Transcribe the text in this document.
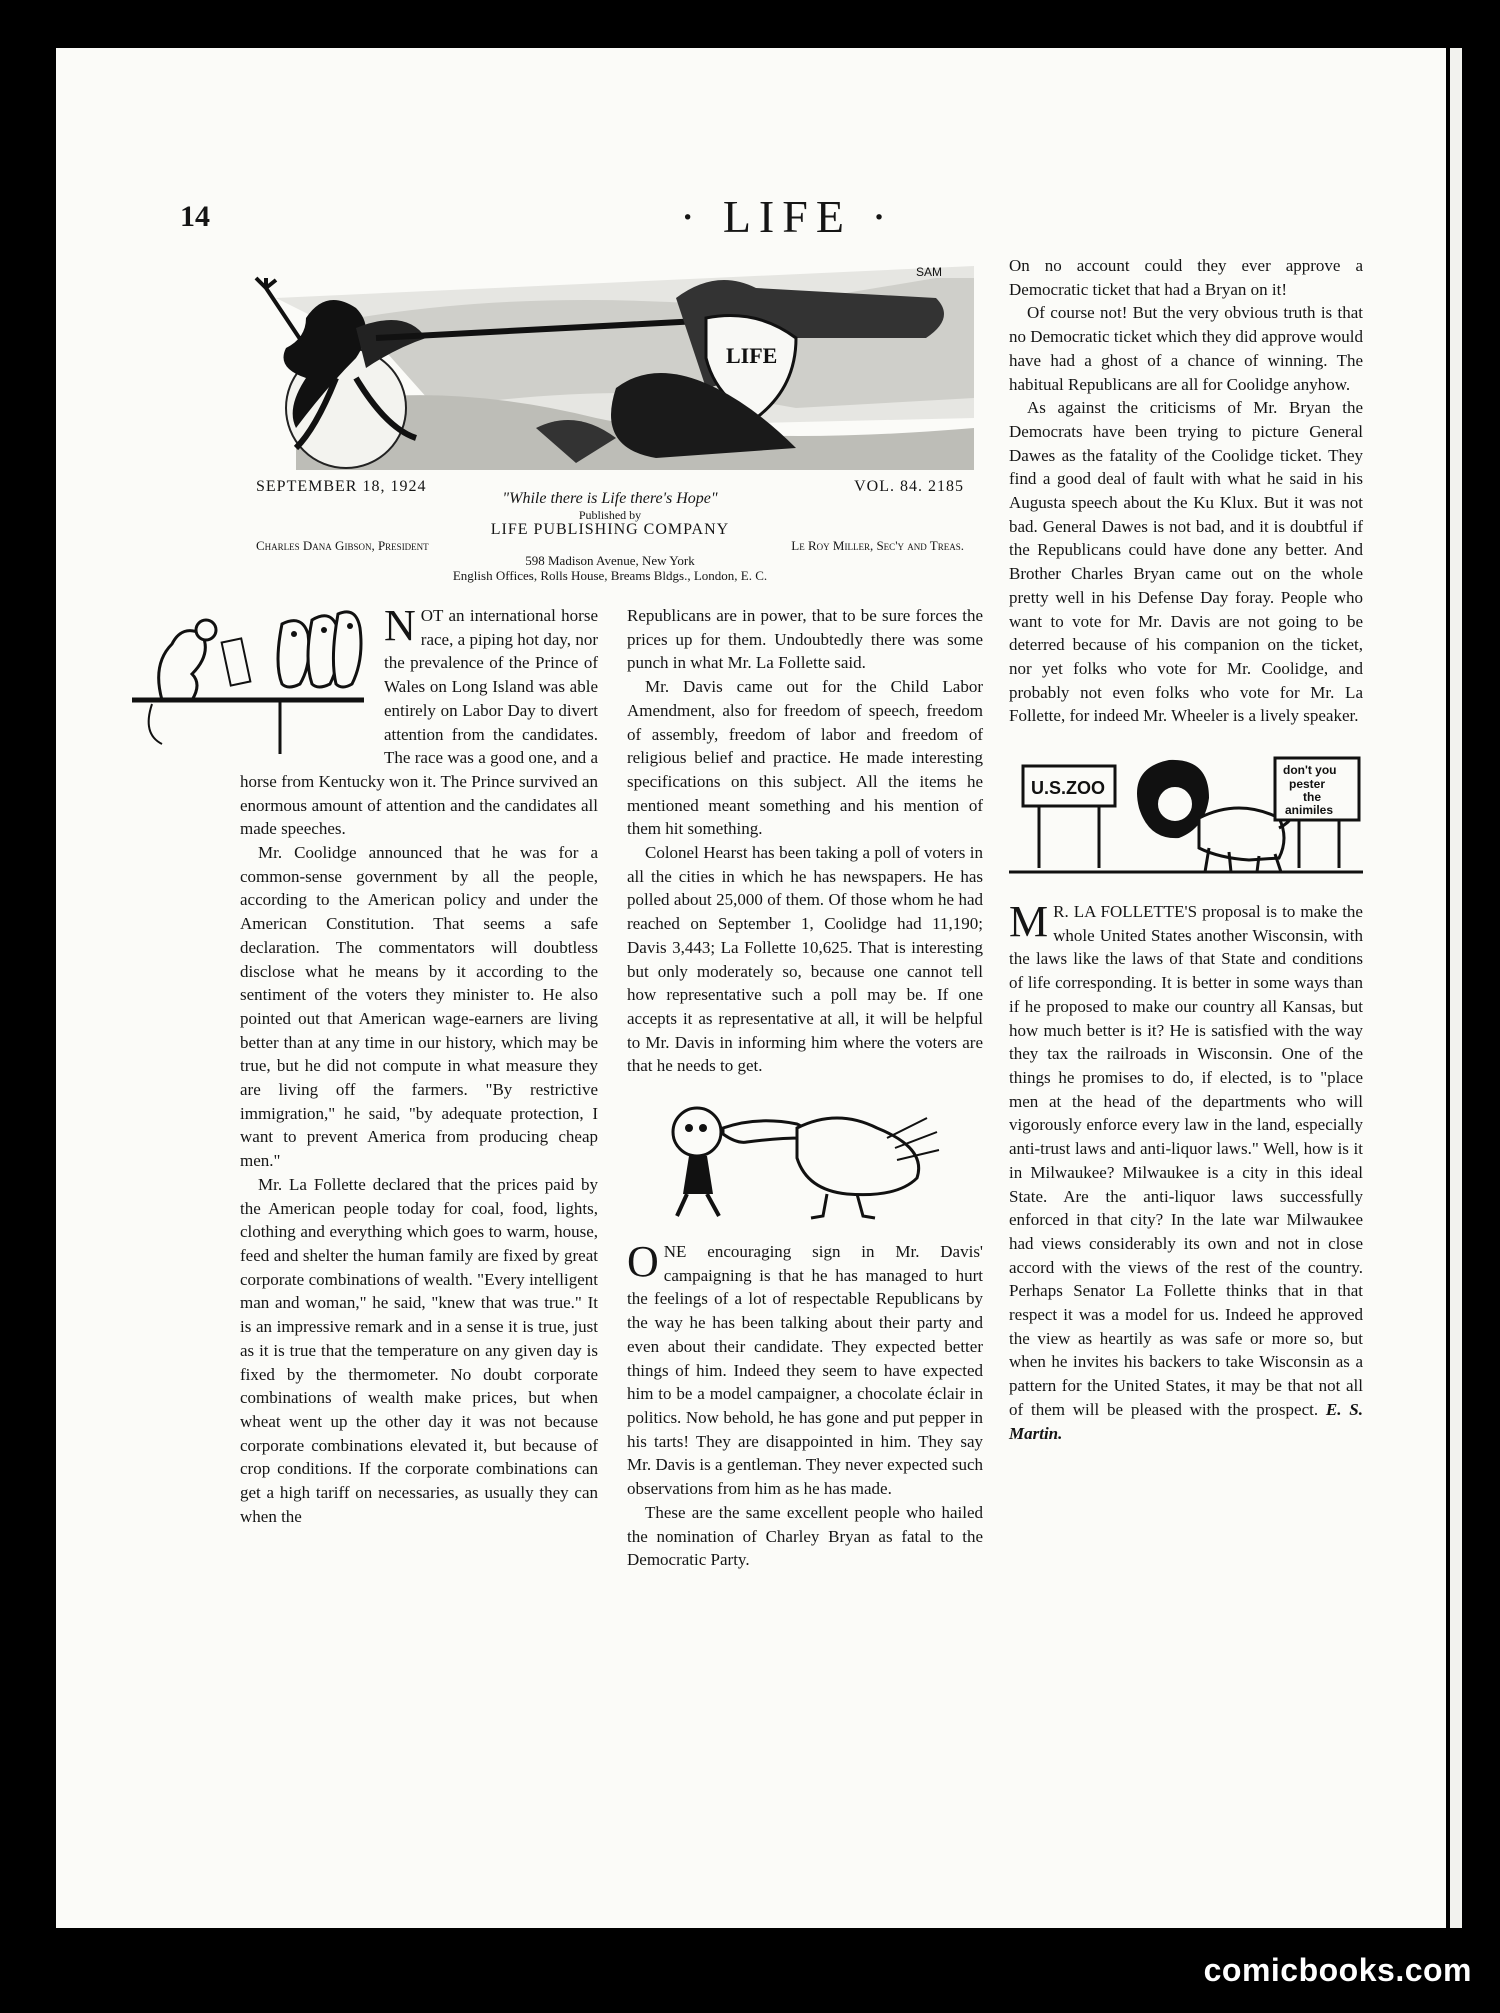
14	· LIFE ·
LIFE
SAM
SEPTEMBER 18, 1924	VOL. 84. 2185
"While there is Life there's Hope"
Published by
LIFE PUBLISHING COMPANY
Charles Dana Gibson, President	Le Roy Miller, Sec'y and Treas.
598 Madison Avenue, New York
English Offices, Rolls House, Breams Bldgs., London, E. C.
N OT an international horse race, a piping hot day, nor the prevalence of the Prince of Wales on Long Island was able entirely on Labor Day to divert attention from the candidates. The race was a good one, and a horse from Kentucky won it. The Prince survived an enormous amount of attention and the candidates all made speeches.

Mr. Coolidge announced that he was for a common-sense government by all the people, according to the American policy and under the American Constitution. That seems a safe declaration. The commentators will doubtless disclose what he means by it according to the sentiment of the voters they minister to. He also pointed out that American wage-earners are living better than at any time in our history, which may be true, but he did not compute in what measure they are living off the farmers. "By restrictive immigration," he said, "by adequate protection, I want to prevent America from producing cheap men."

Mr. La Follette declared that the prices paid by the American people today for coal, food, lights, clothing and everything which goes to warm, house, feed and shelter the human family are fixed by great corporate combinations of wealth. "Every intelligent man and woman," he said, "knew that was true." It is an impressive remark and in a sense it is true, just as it is true that the temperature on any given day is fixed by the thermometer. No doubt corporate combinations of wealth make prices, but when wheat went up the other day it was not because corporate combinations elevated it, but because of crop conditions. If the corporate combinations can get a high tariff on necessaries, as usually they can when the

Republicans are in power, that to be sure forces the prices up for them. Undoubtedly there was some punch in what Mr. La Follette said.

Mr. Davis came out for the Child Labor Amendment, also for freedom of speech, freedom of assembly, freedom of labor and freedom of religious belief and practice. He made interesting specifications on this subject. All the items he mentioned meant something and his mention of them hit something.

Colonel Hearst has been taking a poll of voters in all the cities in which he has newspapers. He has polled about 25,000 of them. Of those whom he had reached on September 1, Coolidge had 11,190; Davis 3,443; La Follette 10,625. That is interesting but only moderately so, because one cannot tell how representative such a poll may be. If one accepts it as representative at all, it will be helpful to Mr. Davis in informing him where the voters are that he needs to get.

O NE encouraging sign in Mr. Davis' campaigning is that he has managed to hurt the feelings of a lot of respectable Republicans by the way he has been talking about their party and even about their candidate. They expected better things of him. Indeed they seem to have expected him to be a model campaigner, a chocolate éclair in politics. Now behold, he has gone and put pepper in his tarts! They are disappointed in him. They say Mr. Davis is a gentleman. They never expected such observations from him as he has made.

These are the same excellent people who hailed the nomination of Charley Bryan as fatal to the Democratic Party.

On no account could they ever approve a Democratic ticket that had a Bryan on it!

Of course not! But the very obvious truth is that no Democratic ticket which they did approve would have had a ghost of a chance of winning. The habitual Republicans are all for Coolidge anyhow.

As against the criticisms of Mr. Bryan the Democrats have been trying to picture General Dawes as the fatality of the Coolidge ticket. They find a good deal of fault with what he said in his Augusta speech about the Ku Klux. But it was not bad. General Dawes is not bad, and it is doubtful if the Republicans could have done any better. And Brother Charles Bryan came out on the whole pretty well in his Defense Day foray. People who want to vote for Mr. Davis are not going to be deterred because of his companion on the ticket, nor yet folks who vote for Mr. Coolidge, and probably not even folks who vote for Mr. La Follette, for indeed Mr. Wheeler is a lively speaker.

U.S.ZOO
don't you
pester
the
animiles
M R. LA FOLLETTE'S proposal is to make the whole United States another Wisconsin, with the laws like the laws of that State and conditions of life corresponding. It is better in some ways than if he proposed to make our country all Kansas, but how much better is it? He is satisfied with the way they tax the railroads in Wisconsin. One of the things he promises to do, if elected, is to "place men at the head of the departments who will vigorously enforce every law in the land, especially anti-trust laws and anti-liquor laws." Well, how is it in Milwaukee? Milwaukee is a city in this ideal State. Are the anti-liquor laws successfully enforced in that city? In the late war Milwaukee had views considerably its own and not in close accord with the views of the rest of the country. Perhaps Senator La Follette thinks that in that respect it was a model for us. Indeed he approved the view as heartily as was safe or more so, but when he invites his backers to take Wisconsin as a pattern for the United States, it may be that not all of them will be pleased with the prospect. E. S. Martin.

comicbooks.com
